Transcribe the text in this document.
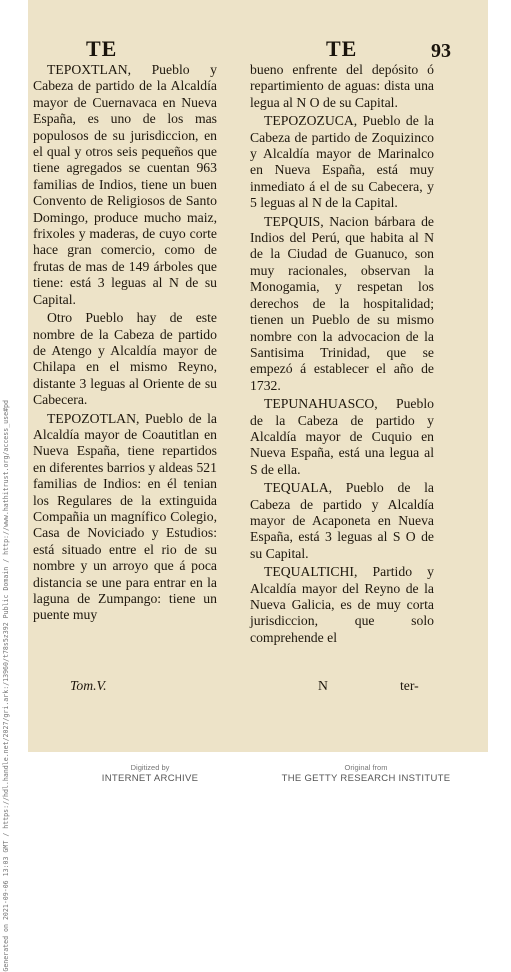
TE	TE	93

TEPOXTLAN, Pueblo y Cabeza de partido de la Alcaldía mayor de Cuernavaca en Nueva España, es uno de los mas populosos de su jurisdiccion, en el qual y otros seis pequeños que tiene agregados se cuentan 963 familias de Indios, tiene un buen Convento de Religiosos de Santo Domingo, produce mucho maiz, frixoles y maderas, de cuyo corte hace gran comercio, como de frutas de mas de 149 árboles que tiene: está 3 leguas al N de su Capital.

Otro Pueblo hay de este nombre de la Cabeza de partido de Atengo y Alcaldía mayor de Chilapa en el mismo Reyno, distante 3 leguas al Oriente de su Cabecera.

TEPOZOTLAN, Pueblo de la Alcaldía mayor de Coautitlan en Nueva España, tiene repartidos en diferentes barrios y aldeas 521 familias de Indios: en él tenian los Regulares de la extinguida Compañia un magnífico Colegio, Casa de Noviciado y Estudios: está situado entre el rio de su nombre y un arroyo que á poca distancia se une para entrar en la laguna de Zumpango: tiene un puente muy

bueno enfrente del depósito ó repartimiento de aguas: dista una legua al N O de su Capital.

TEPOZOZUCA, Pueblo de la Cabeza de partido de Zoquizinco y Alcaldía mayor de Marinalco en Nueva España, está muy inmediato á el de su Cabecera, y 5 leguas al N de la Capital.

TEPQUIS, Nacion bárbara de Indios del Perú, que habita al N de la Ciudad de Guanuco, son muy racionales, observan la Monogamia, y respetan los derechos de la hospitalidad; tienen un Pueblo de su mismo nombre con la advocacion de la Santisima Trinidad, que se empezó á establecer el año de 1732.

TEPUNAHUASCO, Pueblo de la Cabeza de partido y Alcaldía mayor de Cuquio en Nueva España, está una legua al S de ella.

TEQUALA, Pueblo de la Cabeza de partido y Alcaldía mayor de Acaponeta en Nueva España, está 3 leguas al S O de su Capital.

TEQUALTICHI, Partido y Alcaldía mayor del Reyno de la Nueva Galicia, es de muy corta jurisdiccion, que solo comprehende el

Tom.V.	N	ter-
Generated on 2021-09-06 13:03 GMT / https://hdl.handle.net/2027/gri.ark:/13960/t78s5z392 Public Domain / http://www.hathitrust.org/access_use#pd	Digitized by
INTERNET ARCHIVE
Original from
THE GETTY RESEARCH INSTITUTE
